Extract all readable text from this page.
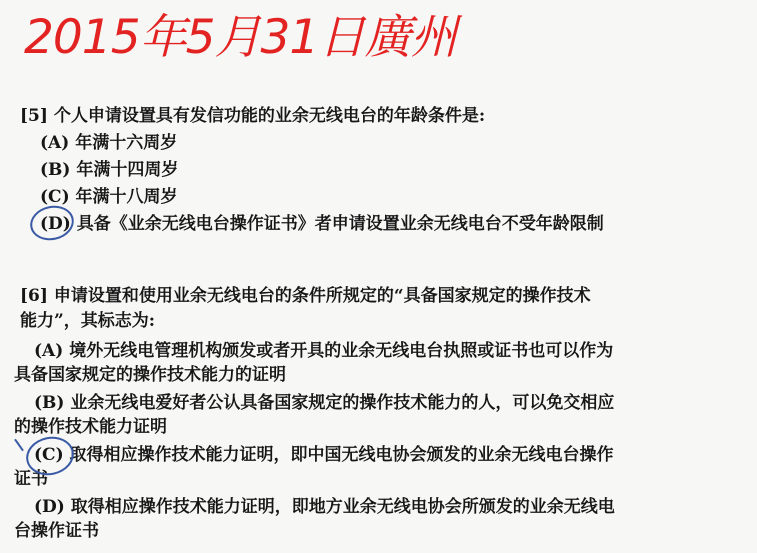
2015年5月31日廣州
[5] 个人申请设置具有发信功能的业余无线电台的年龄条件是:
(A) 年满十六周岁
(B) 年满十四周岁
(C) 年满十八周岁
(D) 具备《业余无线电台操作证书》者申请设置业余无线电台不受年龄限制
[6] 申请设置和使用业余无线电台的条件所规定的“具备国家规定的操作技术
能力”，其标志为:
(A) 境外无线电管理机构颁发或者开具的业余无线电台执照或证书也可以作为
具备国家规定的操作技术能力的证明
(B) 业余无线电爱好者公认具备国家规定的操作技术能力的人，可以免交相应
的操作技术能力证明
(C) 取得相应操作技术能力证明，即中国无线电协会颁发的业余无线电台操作
证书
(D) 取得相应操作技术能力证明，即地方业余无线电协会所颁发的业余无线电
台操作证书
